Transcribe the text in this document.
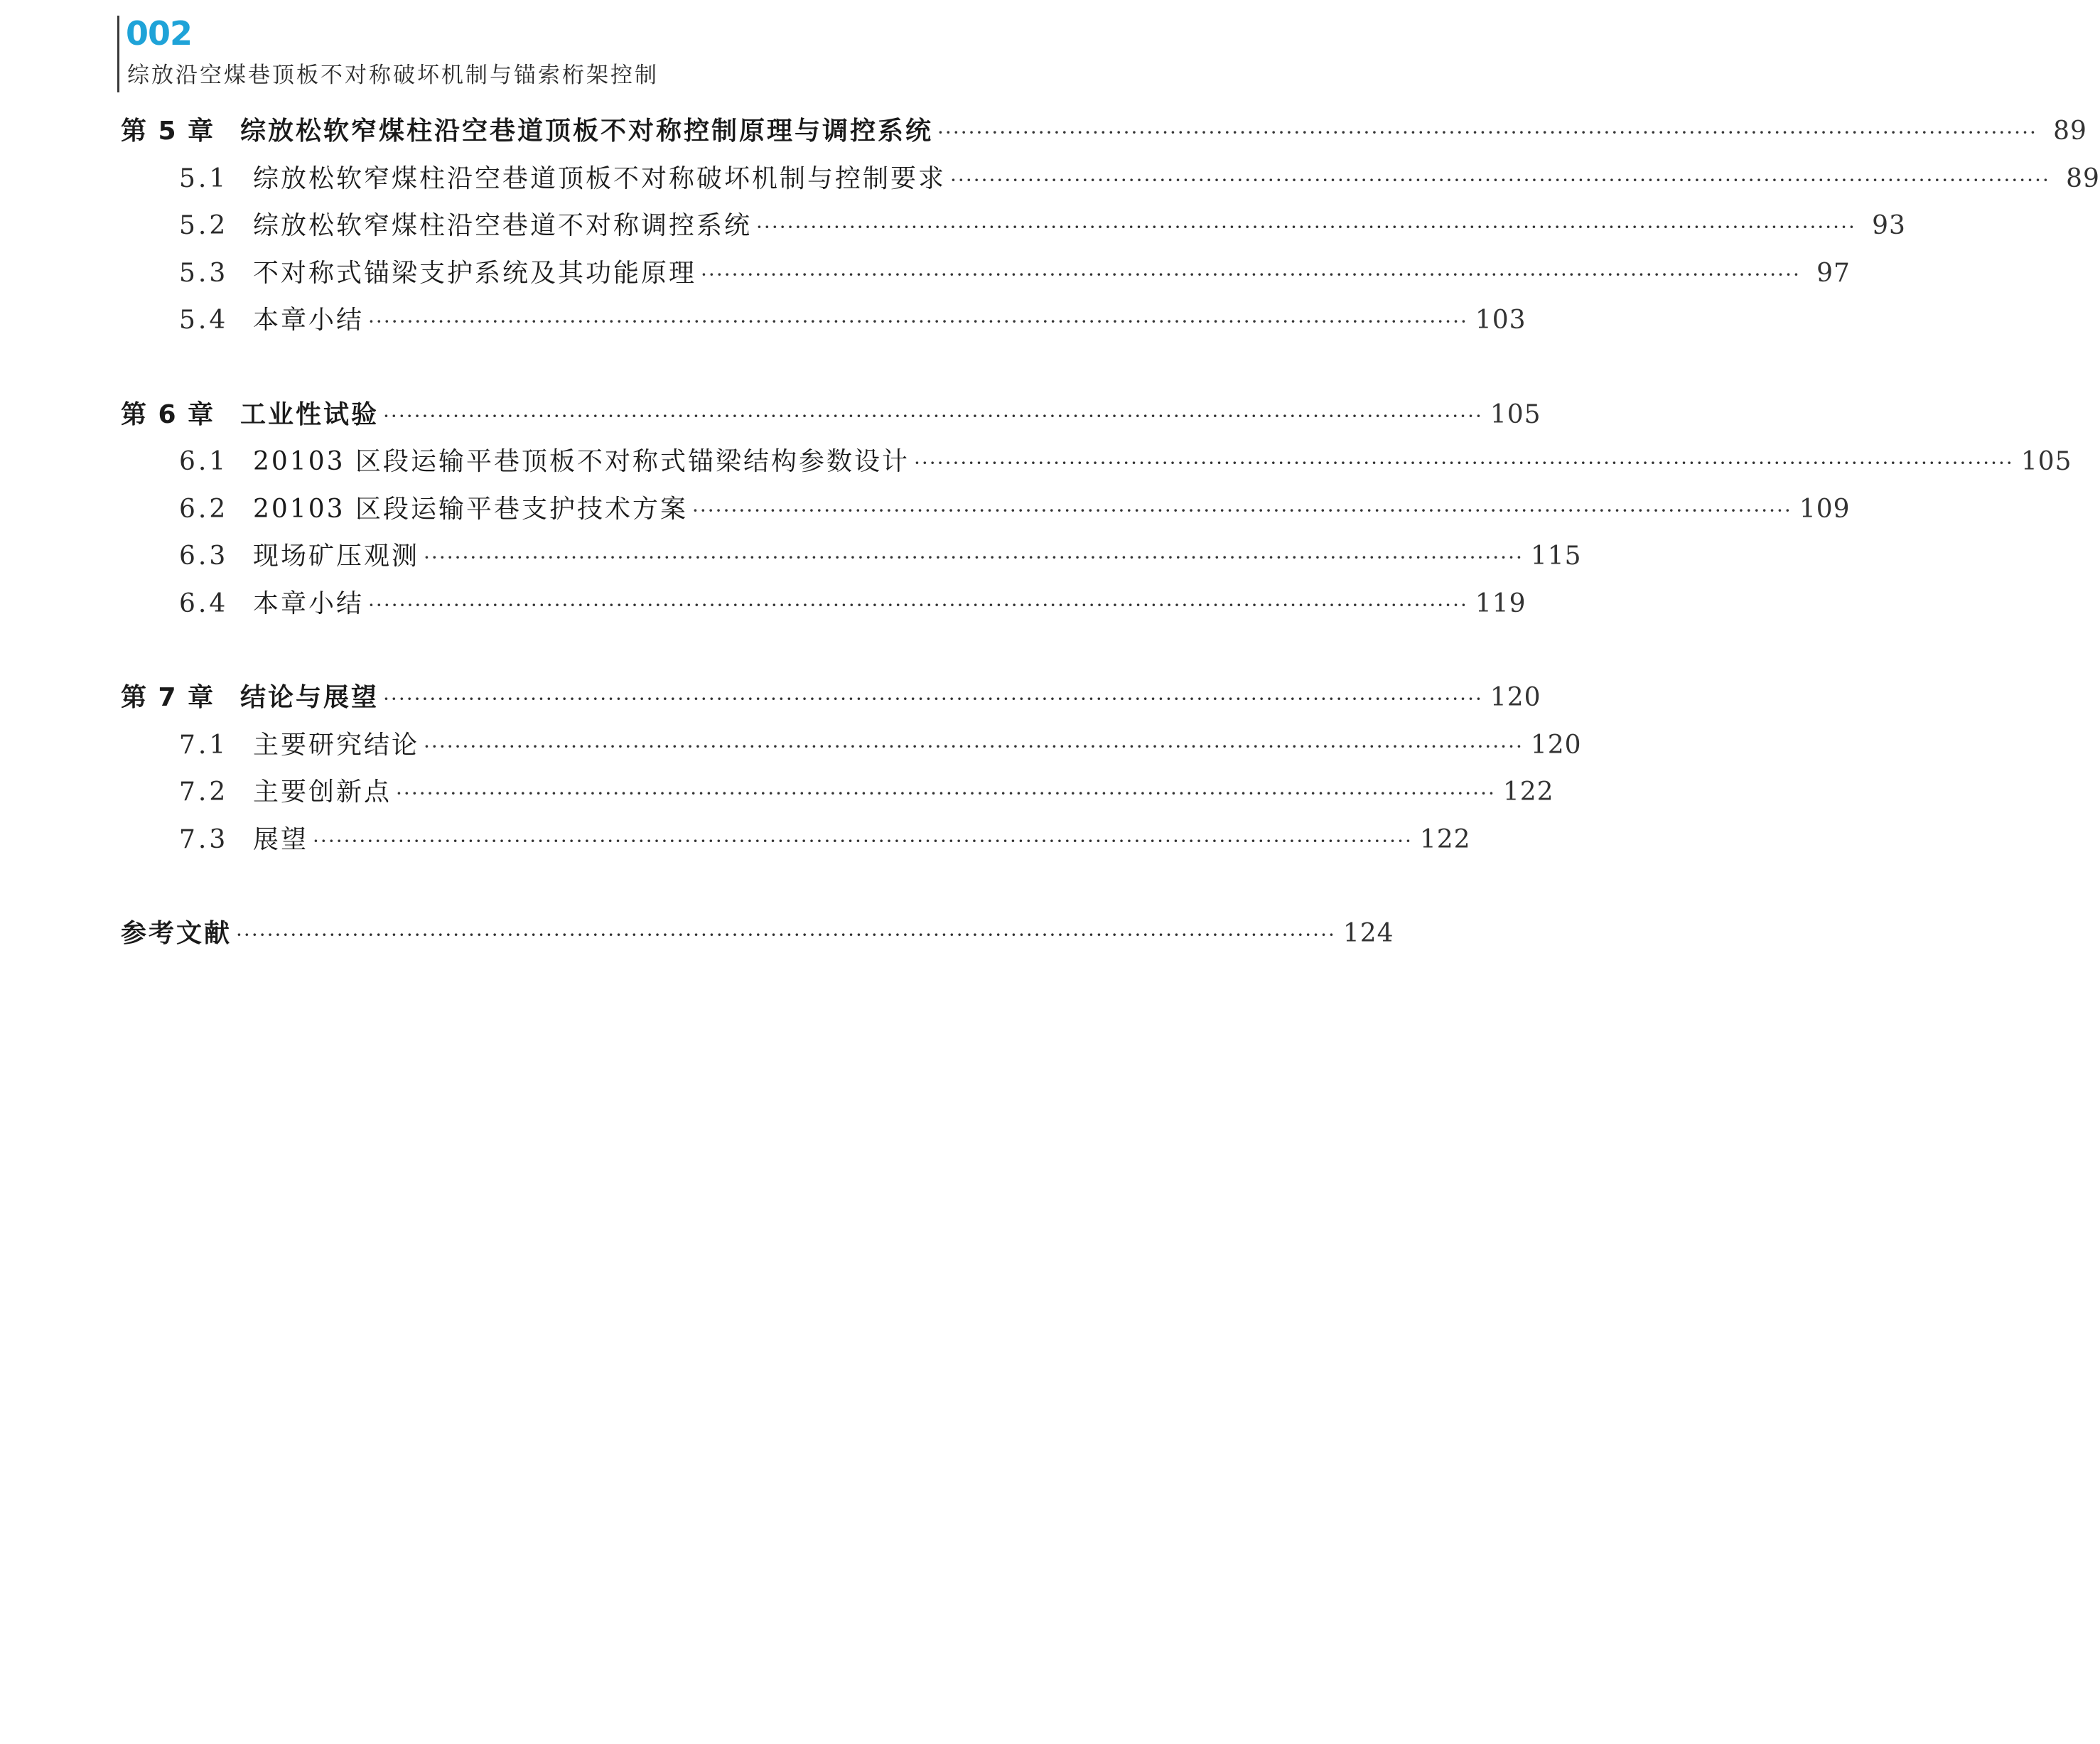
002
综放沿空煤巷顶板不对称破坏机制与锚索桁架控制
第 5 章 综放松软窄煤柱沿空巷道顶板不对称控制原理与调控系统 ·····	89
5.1 综放松软窄煤柱沿空巷道顶板不对称破坏机制与控制要求 ·····	89
5.2 综放松软窄煤柱沿空巷道不对称调控系统 ·····	93
5.3 不对称式锚梁支护系统及其功能原理 ·····	97
5.4 本章小结 ·····	103
第 6 章 工业性试验 ·····	105
6.1 20103 区段运输平巷顶板不对称式锚梁结构参数设计 ·····	105
6.2 20103 区段运输平巷支护技术方案 ·····	109
6.3 现场矿压观测 ·····	115
6.4 本章小结 ·····	119
第 7 章 结论与展望 ·····	120
7.1 主要研究结论 ·····	120
7.2 主要创新点 ·····	122
7.3 展望 ·····	122
参考文献 ·····	124
